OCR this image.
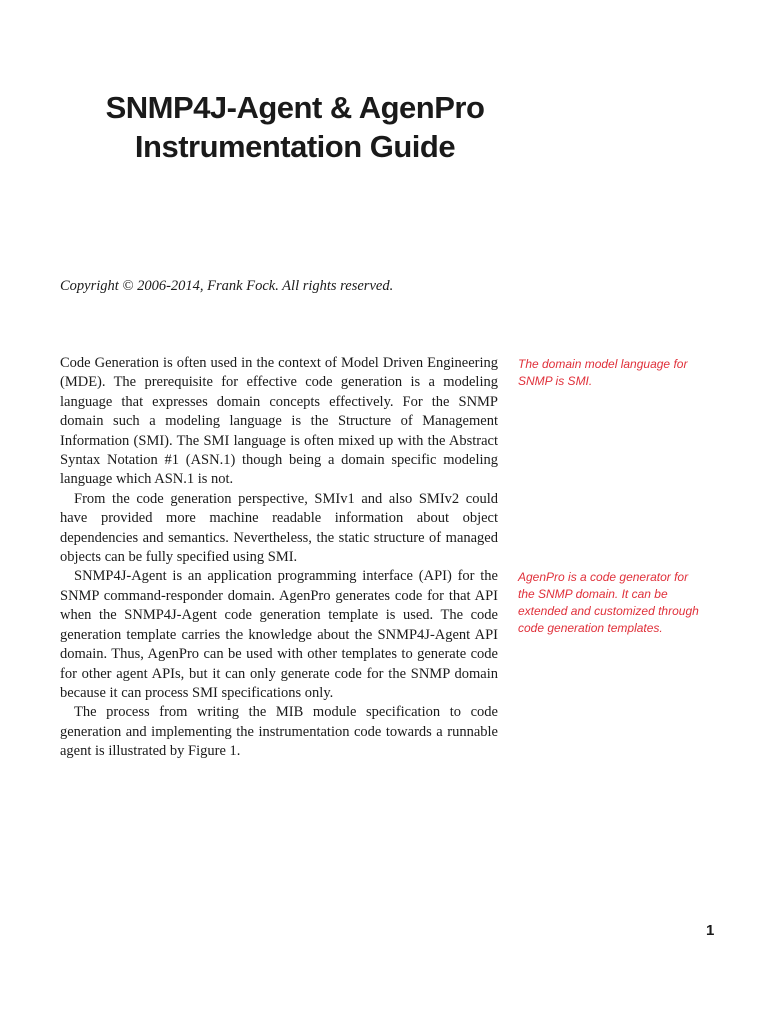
SNMP4J-Agent & AgenPro
Instrumentation Guide
Copyright © 2006-2014, Frank Fock. All rights reserved.

Code Generation is often used in the context of Model Driven Engineering (MDE). The prerequisite for effective code generation is a modeling language that expresses domain concepts effectively. For the SNMP domain such a modeling language is the Structure of Management Information (SMI). The SMI language is often mixed up with the Abstract Syntax Notation #1 (ASN.1) though being a domain specific modeling language which ASN.1 is not.

From the code generation perspective, SMIv1 and also SMIv2 could have provided more machine readable information about object dependencies and semantics. Nevertheless, the static structure of managed objects can be fully specified using SMI.

SNMP4J-Agent is an application programming interface (API) for the SNMP command-responder domain. AgenPro generates code for that API when the SNMP4J-Agent code generation template is used. The code generation template carries the knowledge about the SNMP4J-Agent API domain. Thus, AgenPro can be used with other templates to generate code for other agent APIs, but it can only generate code for the SNMP domain because it can process SMI specifications only.

The process from writing the MIB module specification to code generation and implementing the instrumentation code towards a runnable agent is illustrated by Figure 1.

The domain model language for SNMP is SMI.
AgenPro is a code generator for the SNMP domain. It can be extended and customized through code generation templates.
1
